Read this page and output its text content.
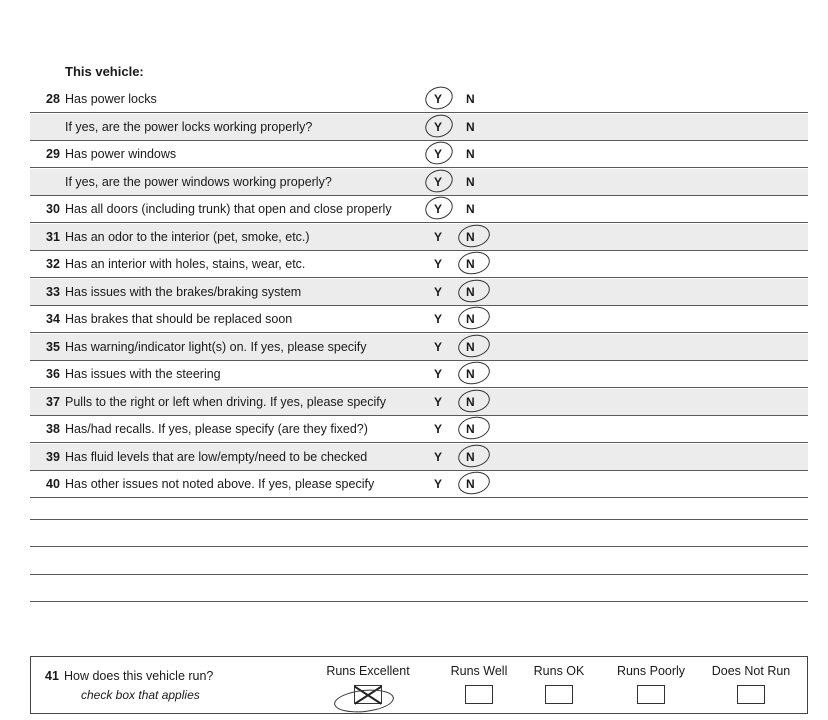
This vehicle:
28 Has power locks	Y N
If yes, are the power locks working properly?	Y N
29 Has power windows	Y N
If yes, are the power windows working properly?	Y N
30 Has all doors (including trunk) that open and close properly	Y N
31 Has an odor to the interior (pet, smoke, etc.)	Y N
32 Has an interior with holes, stains, wear, etc.	Y N
33 Has issues with the brakes/braking system	Y N
34 Has brakes that should be replaced soon	Y N
35 Has warning/indicator light(s) on. If yes, please specify	Y N
36 Has issues with the steering	Y N
37 Pulls to the right or left when driving. If yes, please specify	Y N
38 Has/had recalls. If yes, please specify (are they fixed?)	Y N
39 Has fluid levels that are low/empty/need to be checked	Y N
40 Has other issues not noted above. If yes, please specify	Y N
41 How does this vehicle run?
check box that applies
Runs Excellent	Runs Well	Runs OK	Runs Poorly	Does Not Run
